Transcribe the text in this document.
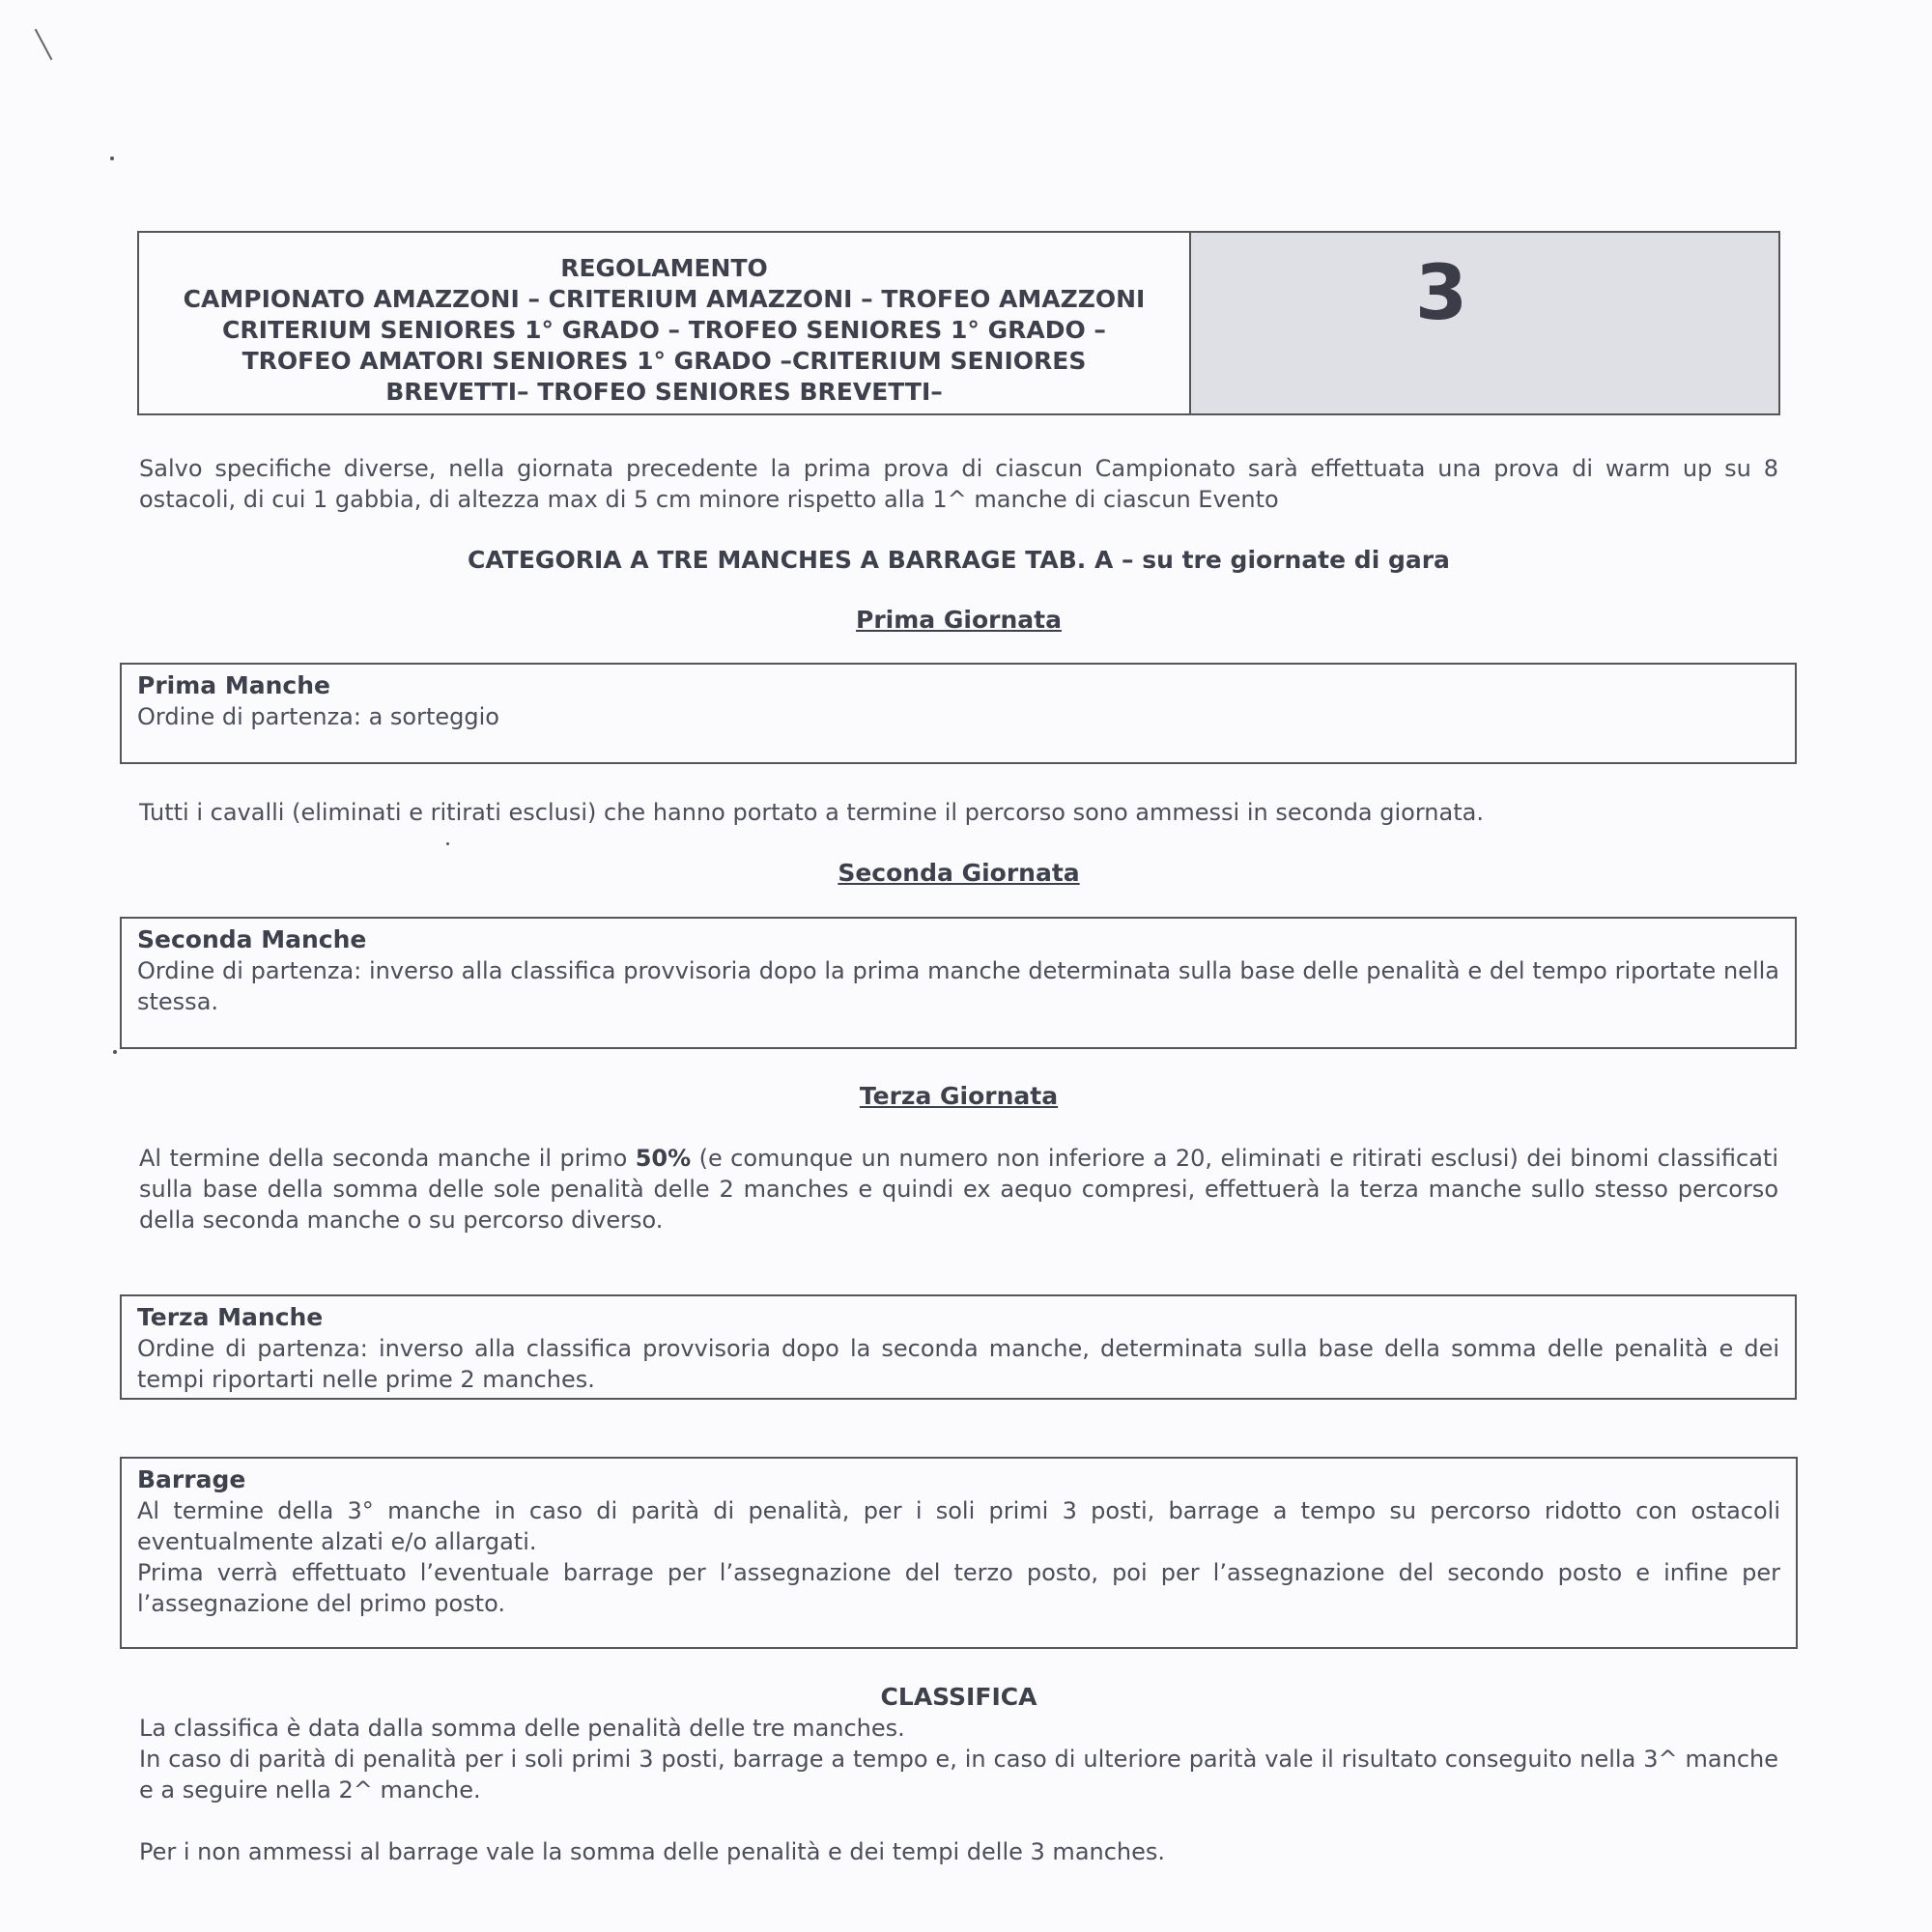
REGOLAMENTO
CAMPIONATO AMAZZONI – CRITERIUM AMAZZONI – TROFEO AMAZZONI
CRITERIUM SENIORES 1° GRADO – TROFEO SENIORES 1° GRADO –
TROFEO AMATORI SENIORES 1° GRADO –CRITERIUM SENIORES
BREVETTI– TROFEO SENIORES BREVETTI–
3
Salvo specifiche diverse, nella giornata precedente la prima prova di ciascun Campionato sarà effettuata una prova di warm up su 8 ostacoli, di cui 1 gabbia, di altezza max di 5 cm minore rispetto alla 1^ manche di ciascun Evento
CATEGORIA A TRE MANCHES A BARRAGE TAB. A – su tre giornate di gara
Prima Giornata
Prima Manche
Ordine di partenza: a sorteggio
Tutti i cavalli (eliminati e ritirati esclusi) che hanno portato a termine il percorso sono ammessi in seconda giornata.
Seconda Giornata
Seconda Manche
Ordine di partenza: inverso alla classifica provvisoria dopo la prima manche determinata sulla base delle penalità e del tempo riportate nella stessa.
Terza Giornata
Al termine della seconda manche il primo 50% (e comunque un numero non inferiore a 20, eliminati e ritirati esclusi) dei binomi classificati sulla base della somma delle sole penalità delle 2 manches e quindi ex aequo compresi, effettuerà la terza manche sullo stesso percorso della seconda manche o su percorso diverso.
Terza Manche
Ordine di partenza: inverso alla classifica provvisoria dopo la seconda manche, determinata sulla base della somma delle penalità e dei tempi riportarti nelle prime 2 manches.
Barrage

Al termine della 3° manche in caso di parità di penalità, per i soli primi 3 posti, barrage a tempo su percorso ridotto con ostacoli eventualmente alzati e/o allargati.

Prima verrà effettuato l’eventuale barrage per l’assegnazione del terzo posto, poi per l’assegnazione del secondo posto e infine per l’assegnazione del primo posto.

CLASSIFICA
La classifica è data dalla somma delle penalità delle tre manches.
In caso di parità di penalità per i soli primi 3 posti, barrage a tempo e, in caso di ulteriore parità vale il risultato conseguito nella 3^ manche e a seguire nella 2^ manche.
Per i non ammessi al barrage vale la somma delle penalità e dei tempi delle 3 manches.
